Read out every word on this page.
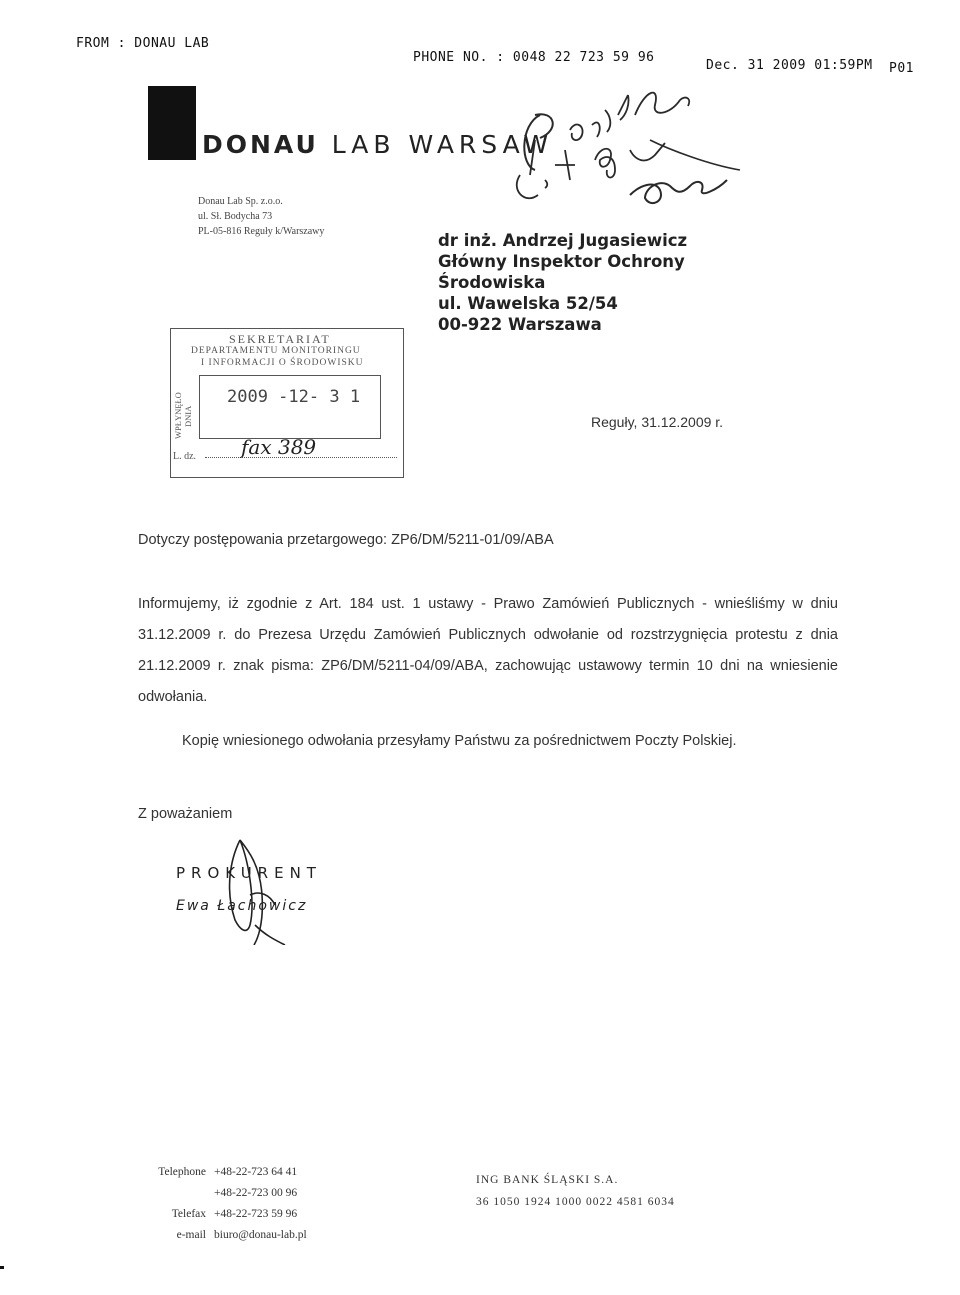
FROM : DONAU LAB
PHONE NO. : 0048 22 723 59 96
Dec. 31 2009 01:59PM P01
DONAU LAB WARSAW
Donau Lab Sp. z.o.o.
ul. Sł. Bodycha 73
PL-05-816 Reguły k/Warszawy	dr inż. Andrzej Jugasiewicz
Główny Inspektor Ochrony
Środowiska
ul. Wawelska 52/54
00-922 Warszawa
SEKRETARIAT
DEPARTAMENTU MONITORINGU
I INFORMACJI O ŚRODOWISKU
WPŁYNĘŁO DNIA
2009 -12- 3 1
L. dz. fax 389
Reguły, 31.12.2009 r.
Dotyczy postępowania przetargowego: ZP6/DM/5211-01/09/ABA
Informujemy, iż zgodnie z Art. 184 ust. 1 ustawy - Prawo Zamówień Publicznych - wnieśliśmy w dniu 31.12.2009 r. do Prezesa Urzędu Zamówień Publicznych odwołanie od rozstrzygnięcia protestu z dnia 21.12.2009 r. znak pisma: ZP6/DM/5211-04/09/ABA, zachowując ustawowy termin 10 dni na wniesienie odwołania.
Kopię wniesionego odwołania przesyłamy Państwu za pośrednictwem Poczty Polskiej.
Z poważaniem
PROKURENT
Ewa Łachowicz
Telephone
Telefax
e-mail
+48-22-723 64 41
+48-22-723 00 96
+48-22-723 59 96
biuro@donau-lab.pl
ING BANK ŚLĄSKI S.A.
36 1050 1924 1000 0022 4581 6034
